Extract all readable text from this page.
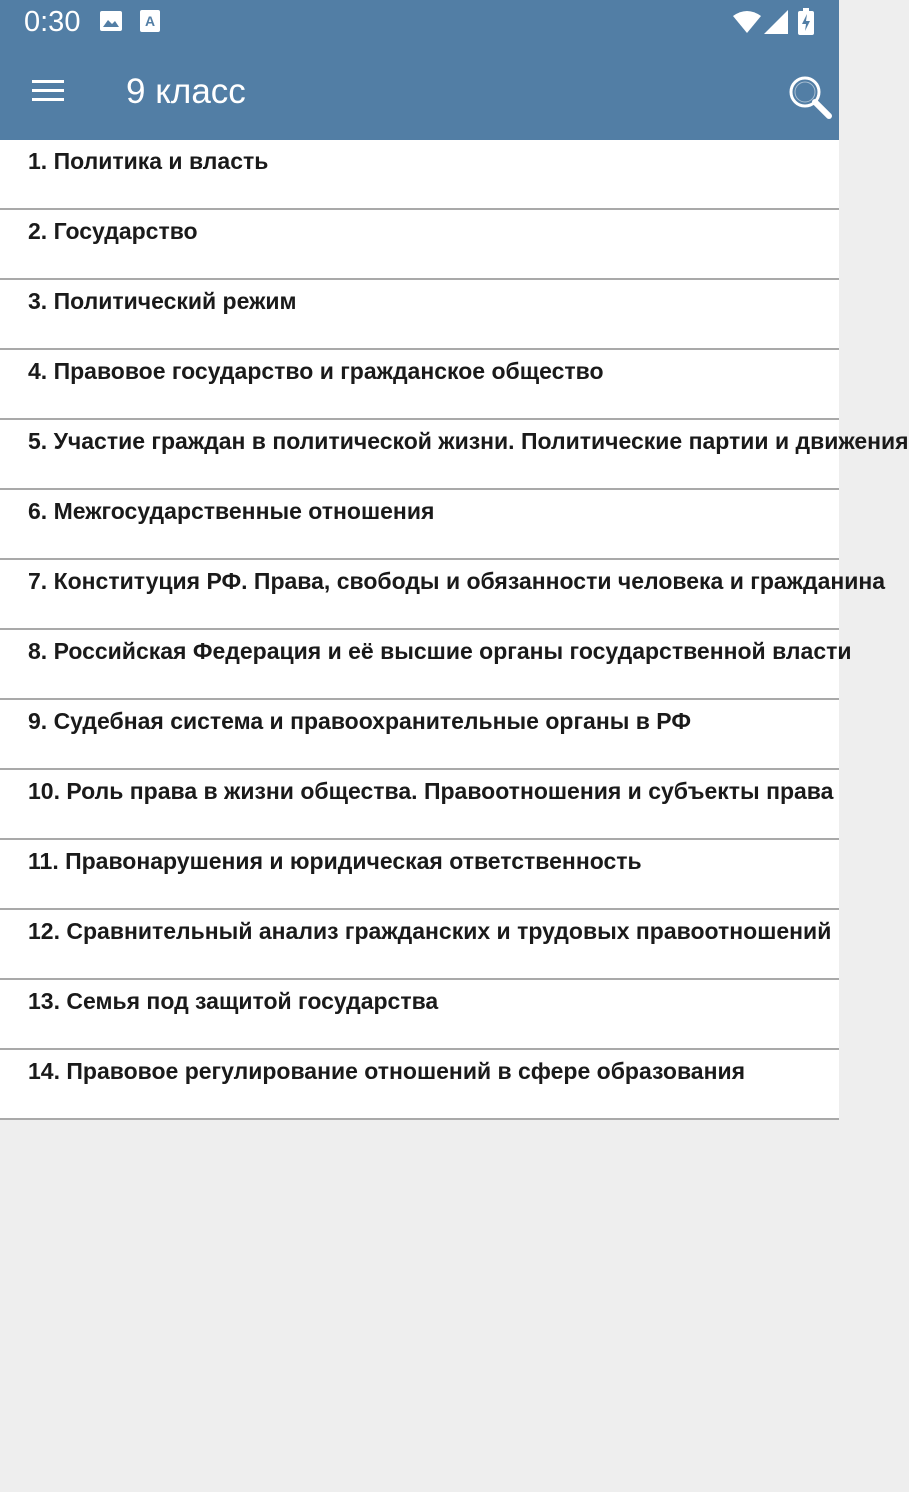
0:30	A
9 класс
1. Политика и власть
2. Государство
3. Политический режим
4. Правовое государство и гражданское общество
5. Участие граждан в политической жизни. Политические партии и движения
6. Межгосударственные отношения
7. Конституция РФ. Права, свободы и обязанности человека и гражданина
8. Российская Федерация и её высшие органы государственной власти
9. Судебная система и правоохранительные органы в РФ
10. Роль права в жизни общества. Правоотношения и субъекты права
11. Правонарушения и юридическая ответственность
12. Сравнительный анализ гражданских и трудовых правоотношений
13. Семья под защитой государства
14. Правовое регулирование отношений в сфере образования
